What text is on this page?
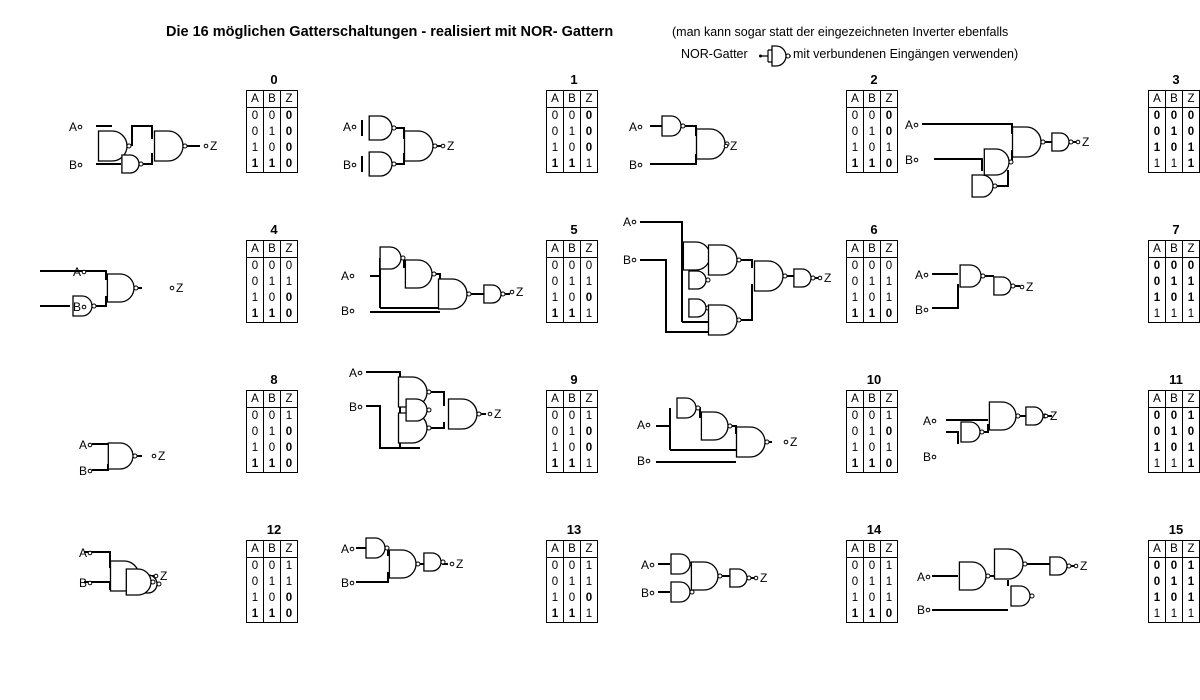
Die 16 möglichen Gatterschaltungen - realisiert mit NOR- Gattern	(man kann sogar statt der eingezeichneten Inverter ebenfalls
NOR-Gatter	mit verbundenen Eingängen verwenden)
A
B
Z
0
A	B	Z
0	0	0
0	1	0
1	0	0
1	1	0
A
B
Z
1
A	B	Z
0	0	0
0	1	0
1	0	0
1	1	1
A
B
Z
2
A	B	Z
0	0	0
0	1	0
1	0	1
1	1	0
A
B
Z
3
A	B	Z
0	0	0
0	1	0
1	0	1
1	1	1
A
B
Z
4
A	B	Z
0	0	0
0	1	1
1	0	0
1	1	0
A
B
Z
5
A	B	Z
0	0	0
0	1	1
1	0	0
1	1	1
A
B
Z
6
A	B	Z
0	0	0
0	1	1
1	0	1
1	1	0
A
B
Z
7
A	B	Z
0	0	0
0	1	1
1	0	1
1	1	1
A
B
Z
8
A	B	Z
0	0	1
0	1	0
1	0	0
1	1	0
A
B	Z
9
A	B	Z
0	0	1
0	1	0
1	0	0
1	1	1
A
B
Z
10
A	B	Z
0	0	1
0	1	0
1	0	1
1	1	0
A
B
Z
11
A	B	Z
0	0	1
0	1	0
1	0	1
1	1	1
A
B	Z
12
A	B	Z
0	0	1
0	1	1
1	0	0
1	1	0
A
B
Z
13
A	B	Z
0	0	1
0	1	1
1	0	0
1	1	1
A
B
Z
14
A	B	Z
0	0	1
0	1	1
1	0	1
1	1	0
A
B
Z
15
A	B	Z
0	0	1
0	1	1
1	0	1
1	1	1
